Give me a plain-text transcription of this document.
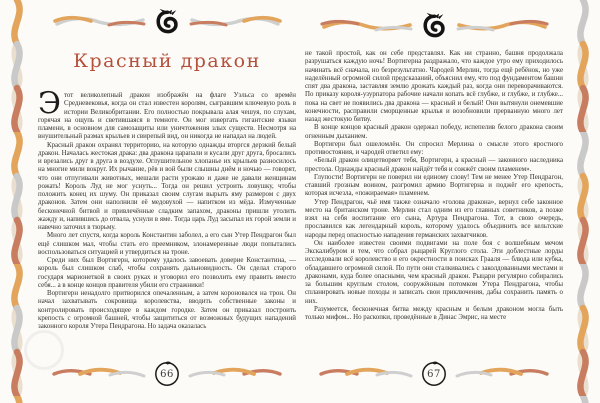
Красный дракон

Этот великолепный дракон изображён на флаге Уэльса со времён Средневековья, когда он стал известен королям, сыгравшим ключевую роль в истории Великобритании. Его полностью покрывала алая чешуя, по слухам, горячая на ощупь и светившаяся в темноте. Он мог извергать гигантские языки пламени, в основном для самозащиты или уничтожения злых существ. Несмотря на внушительный размах крыльев и свирепый вид, он никогда не нападал на людей.

Красный дракон охранял территорию, на которую однажды вторгся дерзкий белый дракон. Началась жестокая драка: два дракона царапали и кусали друг друга, бросались и врезались друг в друга в воздухе. Оглушительное хлопанье их крыльев разносилось на многие мили вокруг. Их рычание, рёв и вой были слышны днём и ночью — говорят, что они отпугивали животных, мешали расти урожаю и даже не давали женщинам рожать! Король Луд не мог уснуть... Тогда он решил устроить ловушку, чтобы положить конец их шуму. Он приказал своим слугам вырыть яму размером с двух драконов. Затем они наполнили её медовухой — напитком из мёда. Измученные бесконечной битвой и привлечённые сладким запахом, драконы пришли утолить жажду и, напившись до отвала, уснули в яме. Тогда царь Луд засыпал их горой земли и навечно заточил в тюрьму.

Много лет спустя, когда король Константин заболел, а его сын Утер Пендрагон был ещё слишком мал, чтобы стать его преемником, злонамеренные люди попытались воспользоваться ситуацией и утвердиться на троне.

Среди них был Вортигерн, которому удалось завоевать доверие Константина, — король был слишком слаб, чтобы сохранять дальновидность. Он сделал старого государя марионеткой в своих руках и уговорил его позволить ему править вместо себя... а в конце концов правителя убили его стражники!

Вортигерн ненадолго притворился опечаленным, а затем короновался на трон. Он начал захватывать сокровища королевства, вводить собственные законы и контролировать происходящее в каждом городке. Затем он приказал построить крепость с огромной башней, чтобы защититься от возможных будущих нападений законного короля Утера Пендрагона. Но задача оказалась

66

не такой простой, как он себе представлял. Как ни странно, башня продолжала разрушаться каждую ночь! Вортигерна раздражало, что каждое утро ему приходилось начинать всё сначала, но безрезультатно. Чародей Мерлин, тогда ещё ребёнок, но уже наделённый огромной силой предсказаний, объяснил ему, что под фундаментом башни спят два дракона, заставляя землю дрожать каждый раз, когда они переворачиваются. По приказу короля-узурпатора рабочие начали копать всё глубже, и глубже, и глубже... пока на свет не появились два дракона — красный и белый! Они вытянули онемевшие конечности, расправили сморщенные крылья и возобновили прерванную много лет назад жестокую битву.

В конце концов красный дракон одержал победу, испепелив белого дракона своим огненным дыханием.

Вортигерн был ошеломлён. Он спросил Мерлина о смысле этого яростного противостояния, и чародей ответил ему:

«Белый дракон олицетворяет тебя, Вортигерн, а красный — законного наследника престола. Однажды красный дракон найдёт тебя и сожжёт своим пламенем».

Глупости! Вортигерн не поверил ни единому слову! Тем не менее Утер Пендрагон, ставший грозным воином, разгромил армию Вортигерна и поджёг его крепость, которая исчезла, «пожираемая» пламенем.

Утер Пендрагон, чьё имя также означало «голова дракона», вернул себе законное место на британском троне. Мерлин стал одним из его главных советников, а позже взял на себя воспитание его сына, Артура Пендрагона. Тот, в свою очередь, прославился как легендарный король, которому удалось объединить все кельтские народы перед опасностью нападения германских захватчиков.

Он наиболее известен своими подвигами на поле боя с волшебным мечом Экскалибуром и тем, что собрал рыцарей Круглого стола. Эти доблестные лорды исследовали всё королевство и его окрестности в поисках Грааля — блюда или кубка, обладавшего огромной силой. По пути они сталкивались с заколдованными местами и драконами, куда более опасными, чем красный дракон. Рыцари регулярно собирались за большим круглым столом, сооружённым потомком Утера Пендрагона, чтобы спланировать новые походы и записать свои приключения, дабы сохранить память о них.

Разумеется, бесконечная битва между красным и белым драконом могла быть только мифом... Но раскопки, проведённые в Динас Эмрис, на месте

67
